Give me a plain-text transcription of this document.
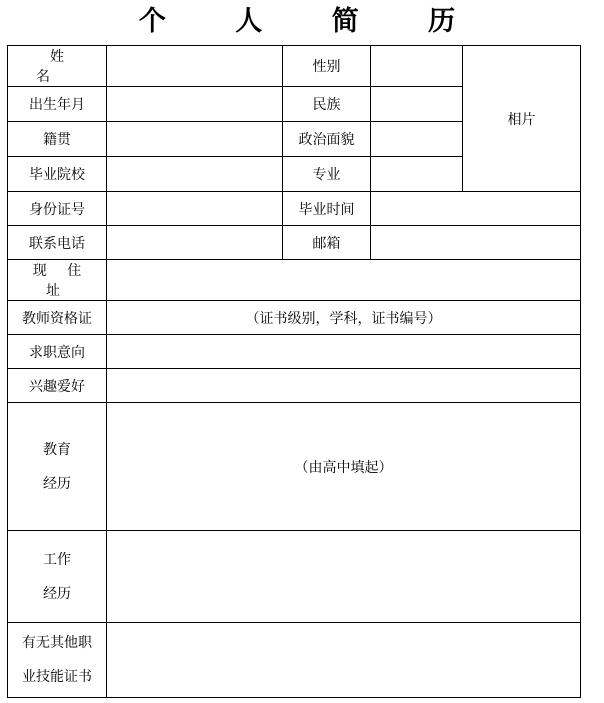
个 人 简 历
姓 名		性别		相片
出生年月		民族		
籍贯		政治面貌		
毕业院校		专业		
身份证号		毕业时间		
联系电话		邮箱		
现 住 址				
教师资格证	（证书级别，学科，证书编号）			
求职意向				
兴趣爱好				

教育
经历	（由高中填起）			

工作
经历				

有无其他职
业技能证书				
